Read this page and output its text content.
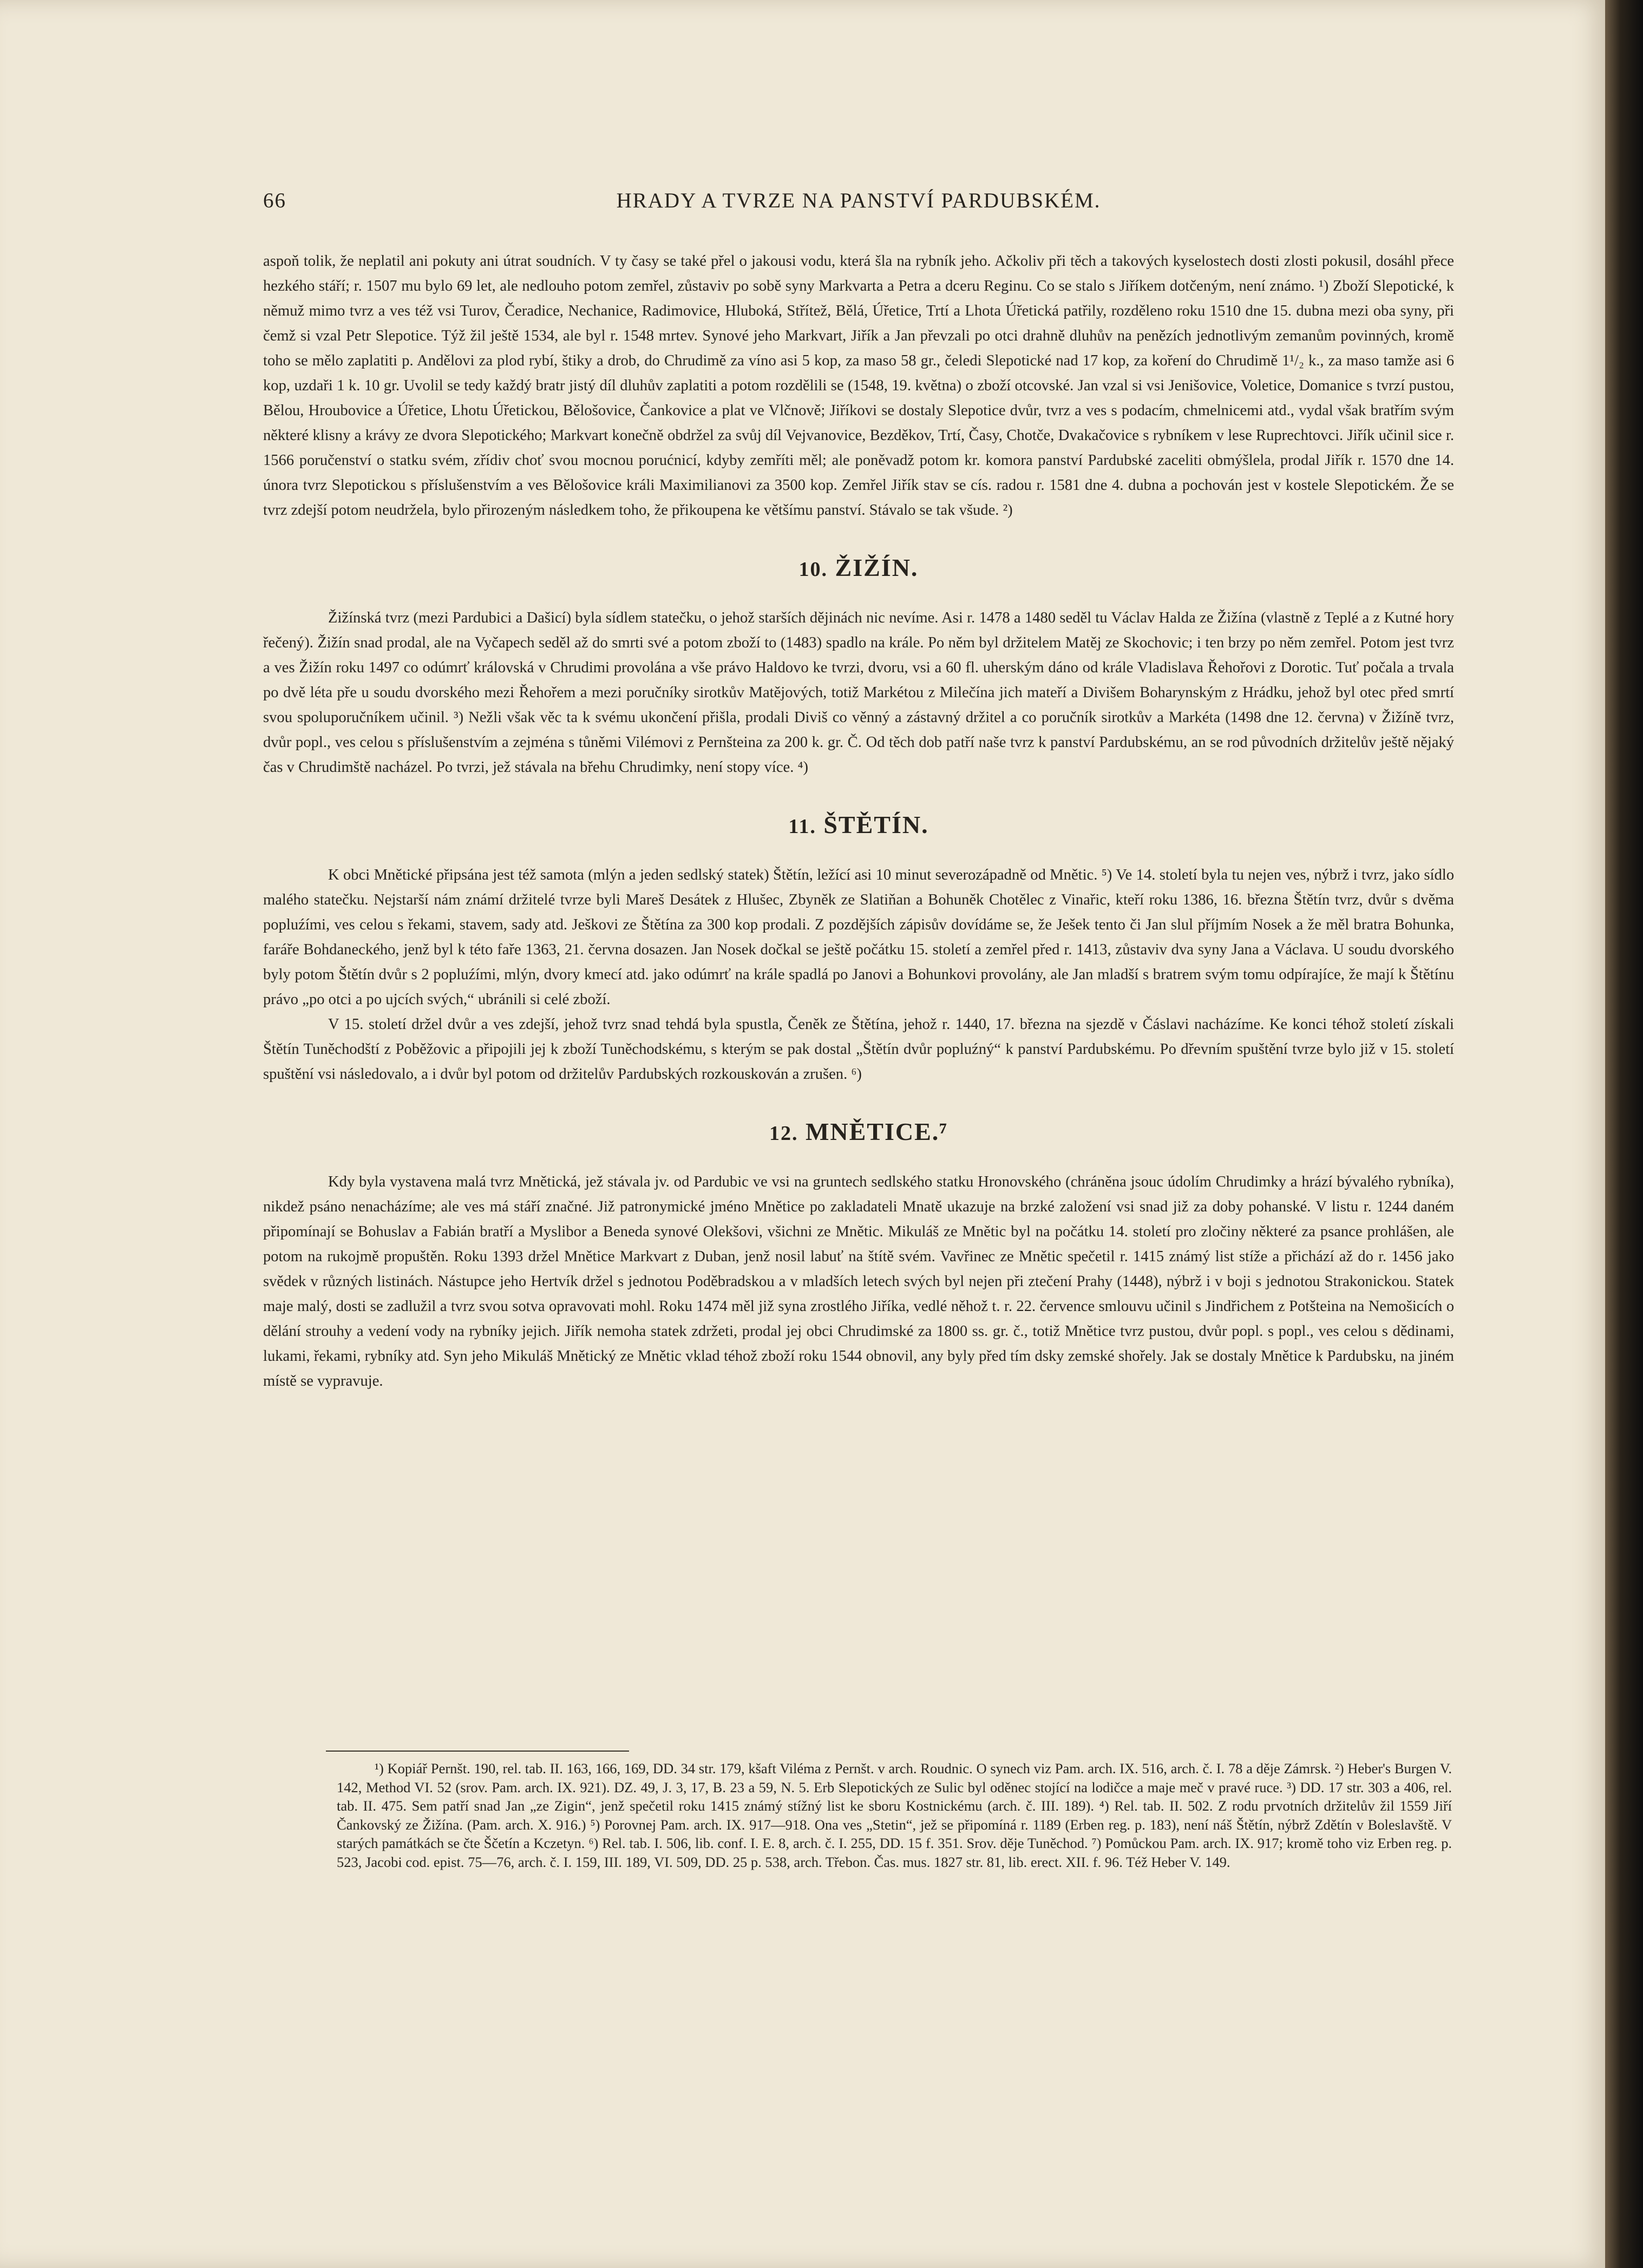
66	HRADY A TVRZE NA PANSTVÍ PARDUBSKÉM.

aspoň tolik, že neplatil ani pokuty ani útrat soudních. V ty časy se také přel o jakousi vodu, která šla na rybník jeho. Ačkoliv při těch a takových kyselostech dosti zlosti pokusil, dosáhl přece hezkého stáří; r. 1507 mu bylo 69 let, ale nedlouho potom zemřel, zůstaviv po sobě syny Markvarta a Petra a dceru Reginu. Co se stalo s Jiříkem dotčeným, není známo. ¹) Zboží Slepotické, k němuž mimo tvrz a ves též vsi Turov, Čeradice, Nechanice, Radimovice, Hluboká, Střítež, Bělá, Úřetice, Trtí a Lhota Úřetická patřily, rozděleno roku 1510 dne 15. dubna mezi oba syny, při čemž si vzal Petr Slepotice. Týž žil ještě 1534, ale byl r. 1548 mrtev. Synové jeho Markvart, Jiřík a Jan převzali po otci drahně dluhův na penězích jednotlivým zemanům povinných, kromě toho se mělo zaplatiti p. Andělovi za plod rybí, štiky a drob, do Chrudimě za víno asi 5 kop, za maso 58 gr., čeledi Slepotické nad 17 kop, za koření do Chrudimě 1¹/₂ k., za maso tamže asi 6 kop, uzdaři 1 k. 10 gr. Uvolil se tedy každý bratr jistý díl dluhův zaplatiti a potom rozdělili se (1548, 19. května) o zboží otcovské. Jan vzal si vsi Jenišovice, Voletice, Domanice s tvrzí pustou, Bělou, Hroubovice a Úřetice, Lhotu Úřetickou, Bělošovice, Čankovice a plat ve Vlčnově; Jiříkovi se dostaly Slepotice dvůr, tvrz a ves s podacím, chmelnicemi atd., vydal však bratřím svým některé klisny a krávy ze dvora Slepotického; Markvart konečně obdržel za svůj díl Vejvanovice, Bezděkov, Trtí, Časy, Chotče, Dvakačovice s rybníkem v lese Ruprechtovci. Jiřík učinil sice r. 1566 poručenství o statku svém, zřídiv choť svou mocnou porućnicí, kdyby zemříti měl; ale poněvadž potom kr. komora panství Pardubské zaceliti obmýšlela, prodal Jiřík r. 1570 dne 14. února tvrz Slepotickou s příslušenstvím a ves Bělošovice králi Maximilianovi za 3500 kop. Zemřel Jiřík stav se cís. radou r. 1581 dne 4. dubna a pochován jest v kostele Slepotickém. Že se tvrz zdejší potom neudržela, bylo přirozeným následkem toho, že přikoupena ke většímu panství. Stávalo se tak všude. ²)

10. ŽIŽÍN.

Žižínská tvrz (mezi Pardubici a Dašicí) byla sídlem statečku, o jehož starších dějinách nic nevíme. Asi r. 1478 a 1480 seděl tu Václav Halda ze Žižína (vlastně z Teplé a z Kutné hory řečený). Žižín snad prodal, ale na Vyčapech seděl až do smrti své a potom zboží to (1483) spadlo na krále. Po něm byl držitelem Matěj ze Skochovic; i ten brzy po něm zemřel. Potom jest tvrz a ves Žižín roku 1497 co odúmrť královská v Chrudimi provolána a vše právo Haldovo ke tvrzi, dvoru, vsi a 60 fl. uherským dáno od krále Vladislava Řehořovi z Dorotic. Tuť počala a trvala po dvě léta pře u soudu dvorského mezi Řehořem a mezi poručníky sirotkův Matějových, totiž Markétou z Milečína jich mateří a Divišem Boharynským z Hrádku, jehož byl otec před smrtí svou spoluporučníkem učinil. ³) Nežli však věc ta k svému ukončení přišla, prodali Diviš co věnný a zástavný držitel a co poručník sirotkův a Markéta (1498 dne 12. června) v Žižíně tvrz, dvůr popl., ves celou s příslušenstvím a zejména s tůněmi Vilémovi z Pernšteina za 200 k. gr. Č. Od těch dob patří naše tvrz k panství Pardubskému, an se rod původních držitelův ještě nějaký čas v Chrudimště nacházel. Po tvrzi, jež stávala na břehu Chrudimky, není stopy více. ⁴)

11. ŠTĚTÍN.

K obci Mnětické připsána jest též samota (mlýn a jeden sedlský statek) Štětín, ležící asi 10 minut severozápadně od Mnětic. ⁵) Ve 14. století byla tu nejen ves, nýbrž i tvrz, jako sídlo malého statečku. Nejstarší nám známí držitelé tvrze byli Mareš Desátek z Hlušec, Zbyněk ze Slatiňan a Bohuněk Chotělec z Vinařic, kteří roku 1386, 16. března Štětín tvrz, dvůr s dvěma popluźími, ves celou s řekami, stavem, sady atd. Ješkovi ze Štětína za 300 kop prodali. Z pozdějších zápisův dovídáme se, že Ješek tento či Jan slul příjmím Nosek a že měl bratra Bohunka, faráře Bohdaneckého, jenž byl k této faře 1363, 21. června dosazen. Jan Nosek dočkal se ještě počátku 15. století a zemřel před r. 1413, zůstaviv dva syny Jana a Václava. U soudu dvorského byly potom Štětín dvůr s 2 popluźími, mlýn, dvory kmecí atd. jako odúmrť na krále spadlá po Janovi a Bohunkovi provolány, ale Jan mladší s bratrem svým tomu odpírajíce, že mají k Štětínu právo „po otci a po ujcích svých,“ ubránili si celé zboží.

V 15. století držel dvůr a ves zdejší, jehož tvrz snad tehdá byla spustla, Čeněk ze Štětína, jehož r. 1440, 17. března na sjezdě v Čáslavi nacházíme. Ke konci téhož století získali Štětín Tuněchodští z Poběžovic a připojili jej k zboží Tuněchodskému, s kterým se pak dostal „Štětín dvůr popluźný“ k panství Pardubskému. Po dřevním spuštění tvrze bylo již v 15. století spuštění vsi následovalo, a i dvůr byl potom od držitelův Pardubských rozkouskován a zrušen. ⁶)

12. MNĚTICE.⁷

Kdy byla vystavena malá tvrz Mnětická, jež stávala jv. od Pardubic ve vsi na gruntech sedlského statku Hronovského (chráněna jsouc údolím Chrudimky a hrází bývalého rybníka), nikdež psáno nenacházíme; ale ves má stáří značné. Již patronymické jméno Mnětice po zakladateli Mnatě ukazuje na brzké založení vsi snad již za doby pohanské. V listu r. 1244 daném připomínají se Bohuslav a Fabián bratří a Myslibor a Beneda synové Olekšovi, všichni ze Mnětic. Mikuláš ze Mnětic byl na počátku 14. století pro zločiny některé za psance prohlášen, ale potom na rukojmě propuštěn. Roku 1393 držel Mnětice Markvart z Duban, jenž nosil labuť na štítě svém. Vavřinec ze Mnětic spečetil r. 1415 známý list stíže a přichází až do r. 1456 jako svědek v různých listinách. Nástupce jeho Hertvík držel s jednotou Poděbradskou a v mladších letech svých byl nejen při ztečení Prahy (1448), nýbrž i v boji s jednotou Strakonickou. Statek maje malý, dosti se zadlužil a tvrz svou sotva opravovati mohl. Roku 1474 měl již syna zrostlého Jiříka, vedlé něhož t. r. 22. července smlouvu učinil s Jindřichem z Potšteina na Nemošicích o dělání strouhy a vedení vody na rybníky jejich. Jiřík nemoha statek zdržeti, prodal jej obci Chrudimské za 1800 ss. gr. č., totiž Mnětice tvrz pustou, dvůr popl. s popl., ves celou s dědinami, lukami, řekami, rybníky atd. Syn jeho Mikuláš Mnětický ze Mnětic vklad téhož zboží roku 1544 obnovil, any byly před tím dsky zemské shořely. Jak se dostaly Mnětice k Pardubsku, na jiném místě se vypravuje.

¹) Kopiář Pernšt. 190, rel. tab. II. 163, 166, 169, DD. 34 str. 179, kšaft Viléma z Pernšt. v arch. Roudnic. O synech viz Pam. arch. IX. 516, arch. č. I. 78 a děje Zámrsk. ²) Heber's Burgen V. 142, Method VI. 52 (srov. Pam. arch. IX. 921). DZ. 49, J. 3, 17, B. 23 a 59, N. 5. Erb Slepotických ze Sulic byl oděnec stojící na lodičce a maje meč v pravé ruce. ³) DD. 17 str. 303 a 406, rel. tab. II. 475. Sem patří snad Jan „ze Zigin“, jenž spečetil roku 1415 známý stížný list ke sboru Kostnickému (arch. č. III. 189). ⁴) Rel. tab. II. 502. Z rodu prvotních držitelův žil 1559 Jiří Čankovský ze Žižína. (Pam. arch. X. 916.) ⁵) Porovnej Pam. arch. IX. 917—918. Ona ves „Stetin“, jež se připomíná r. 1189 (Erben reg. p. 183), není náš Štětín, nýbrž Zdětín v Boleslavště. V starých památkách se čte Ščetín a Kczetyn. ⁶) Rel. tab. I. 506, lib. conf. I. E. 8, arch. č. I. 255, DD. 15 f. 351. Srov. děje Tuněchod. ⁷) Pomůckou Pam. arch. IX. 917; kromě toho viz Erben reg. p. 523, Jacobi cod. epist. 75—76, arch. č. I. 159, III. 189, VI. 509, DD. 25 p. 538, arch. Třebon. Čas. mus. 1827 str. 81, lib. erect. XII. f. 96. Též Heber V. 149.
